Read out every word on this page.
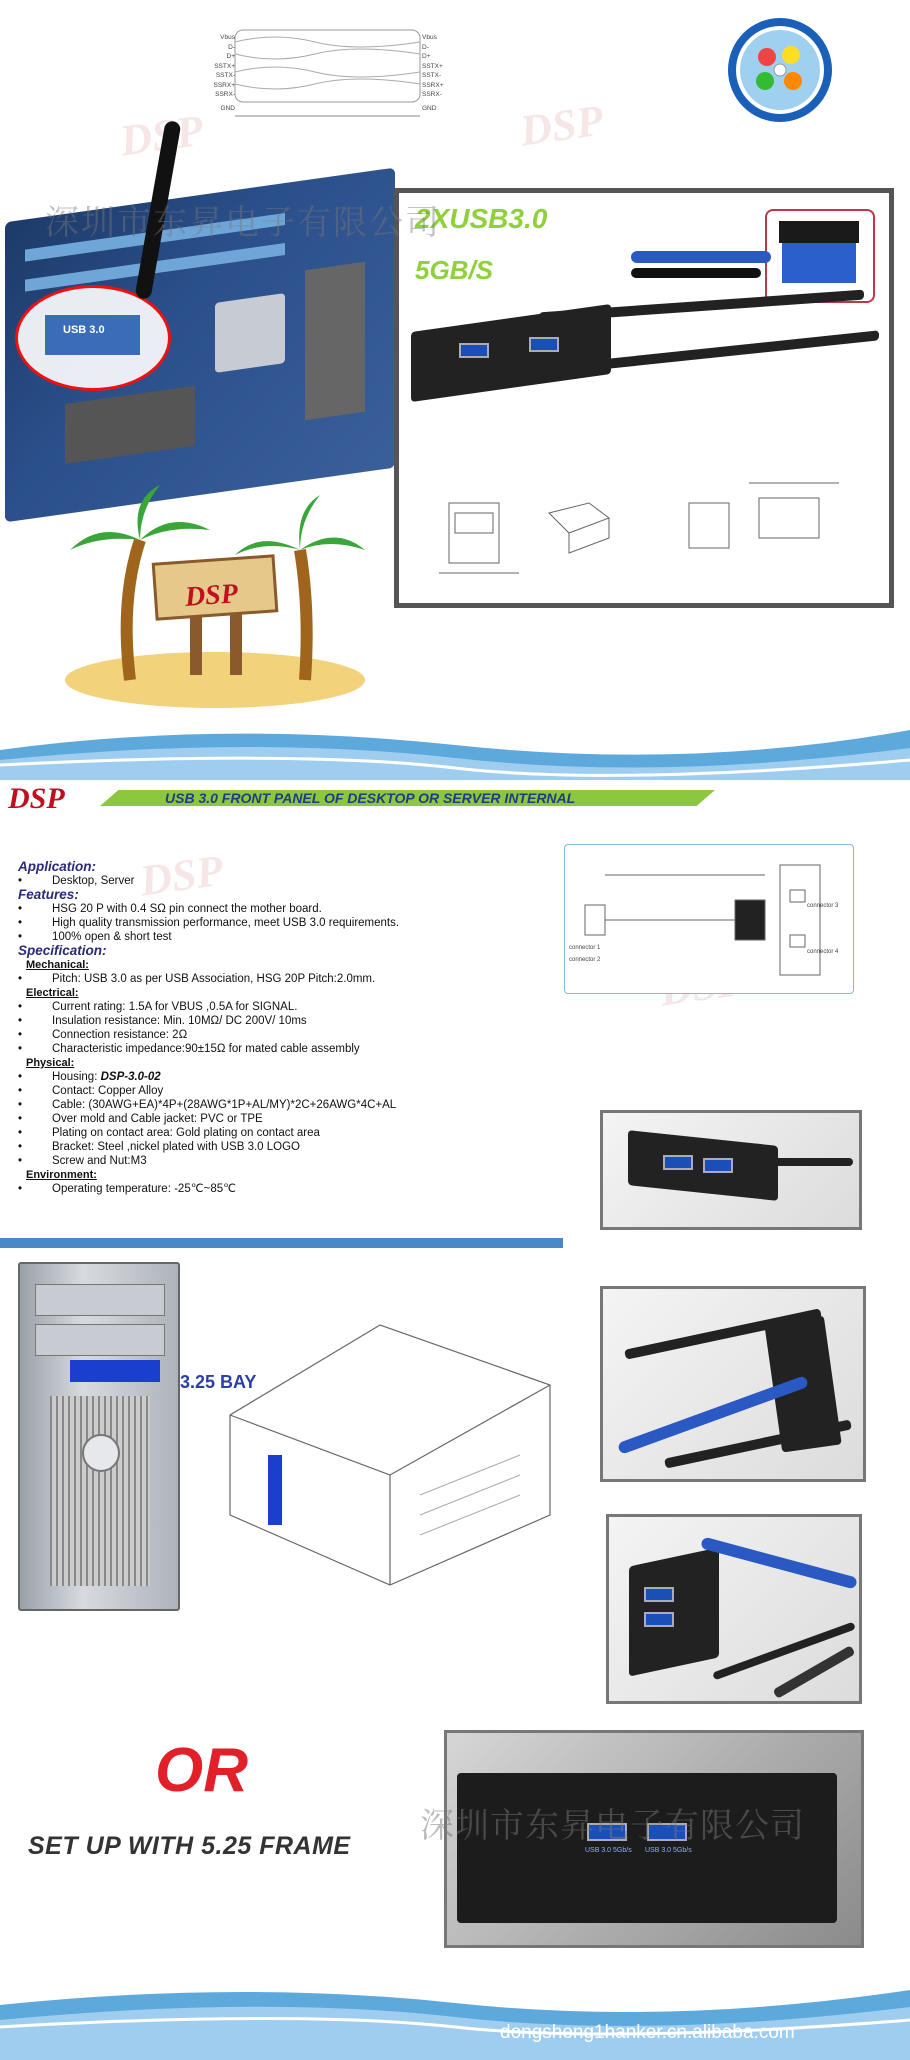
DSP	DSP
Vbus
D-
D+
SSTX+
SSTX-
SSRX+
SSRX-
GND
Vbus
D-
D+
SSTX+
SSTX-
SSRX+
SSRX-
GND
USB 3.0
2XUSB3.0
5GB/S
DSP
深圳市东昇电子有限公司
DSP	USB 3.0 FRONT PANEL OF DESKTOP OR SERVER INTERNAL
DSP
Application:
• Desktop, Server
Features:
• HSG 20 P with 0.4 SΩ pin connect the mother board.
• High quality transmission performance, meet USB 3.0 requirements.
• 100% open & short test
Specification:
Mechanical:
• Pitch: USB 3.0 as per USB Association, HSG 20P Pitch:2.0mm.
Electrical:
• Current rating: 1.5A for VBUS ,0.5A for SIGNAL.
• Insulation resistance: Min. 10MΩ/ DC 200V/ 10ms
• Connection resistance: 2Ω
• Characteristic impedance:90±15Ω for mated cable assembly
Physical:
• Housing: DSP-3.0-02
• Contact: Copper Alloy
• Cable: (30AWG+EA)*4P+(28AWG*1P+AL/MY)*2C+26AWG*4C+AL
• Over mold and Cable jacket: PVC or TPE
• Plating on contact area: Gold plating on contact area
• Bracket: Steel ,nickel plated with USB 3.0 LOGO
• Screw and Nut:M3
Environment:
• Operating temperature: -25℃~85℃
connector 1
connector 2
connector 3
connector 4
3.25 BAY
OR
SET UP WITH 5.25 FRAME	USB 3.0 5Gb/s USB 3.0 5Gb/s
深圳市东昇电子有限公司
dongsheng1hanker.cn.alibaba.com
